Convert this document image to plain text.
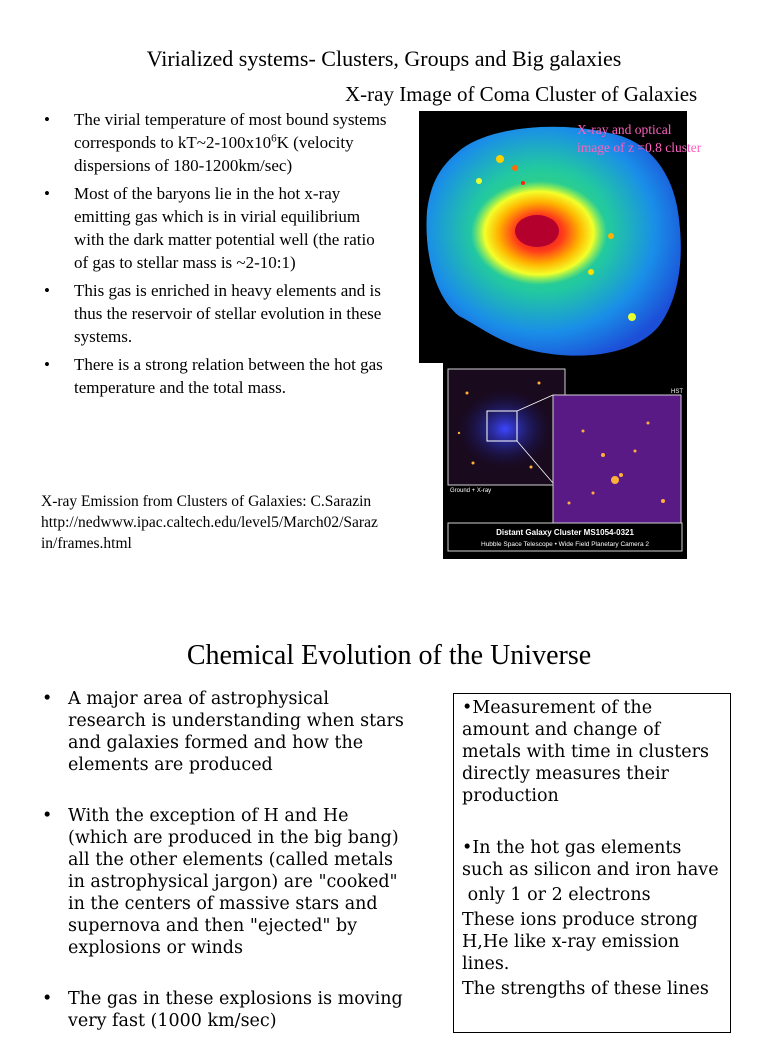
Virialized systems- Clusters, Groups and Big galaxies
X-ray Image of Coma Cluster of Galaxies
• The virial temperature of most bound systems corresponds to $kT\sim 2-100x10^6K$ (velocity dispersions of 180-1200km/sec)
• Most of the baryons lie in the hot x-ray emitting gas which is in virial equilibrium with the dark matter potential well (the ratio of gas to stellar mass is ~2-10:1)
• This gas is enriched in heavy elements and is thus the reservoir of stellar evolution in these systems.
• There is a strong relation between the hot gas temperature and the total mass.
X-ray Emission from Clusters of Galaxies: C.Sarazin
http://nedwww.ipac.caltech.edu/level5/March02/Saraz
in/frames.html
X-ray and optical
image of z =0.8 cluster
HST
Ground + X-ray
Distant Galaxy Cluster MS1054-0321
Hubble Space Telescope • Wide Field Planetary Camera 2
Chemical Evolution of the Universe
• A major area of astrophysical research is understanding when stars and galaxies formed and how the elements are produced
• With the exception of H and He (which are produced in the big bang) all the other elements (called metals in astrophysical jargon) are "cooked" in the centers of massive stars and supernova and then "ejected" by explosions or winds
• The gas in these explosions is moving very fast (1000 km/sec)

•Measurement of the amount and change of metals with time in clusters directly measures their production

•In the hot gas elements such as silicon and iron have

only 1 or 2 electrons

These ions produce strong H,He like x-ray emission lines.

The strengths of these lines
